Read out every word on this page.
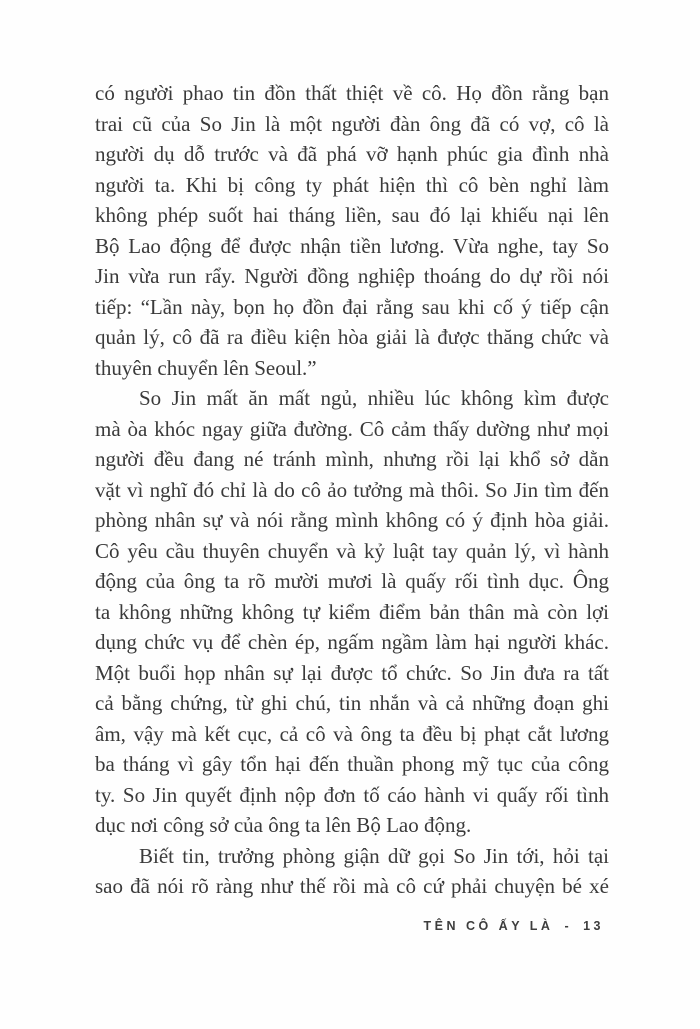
có người phao tin đồn thất thiệt về cô. Họ đồn rằng bạn
trai cũ của So Jin là một người đàn ông đã có vợ, cô là
người dụ dỗ trước và đã phá vỡ hạnh phúc gia đình nhà
người ta. Khi bị công ty phát hiện thì cô bèn nghỉ làm
không phép suốt hai tháng liền, sau đó lại khiếu nại lên
Bộ Lao động để được nhận tiền lương. Vừa nghe, tay So
Jin vừa run rẩy. Người đồng nghiệp thoáng do dự rồi nói
tiếp: “Lần này, bọn họ đồn đại rằng sau khi cố ý tiếp cận
quản lý, cô đã ra điều kiện hòa giải là được thăng chức và
thuyên chuyển lên Seoul.”
So Jin mất ăn mất ngủ, nhiều lúc không kìm được
mà òa khóc ngay giữa đường. Cô cảm thấy dường như mọi
người đều đang né tránh mình, nhưng rồi lại khổ sở dằn
vặt vì nghĩ đó chỉ là do cô ảo tưởng mà thôi. So Jin tìm đến
phòng nhân sự và nói rằng mình không có ý định hòa giải.
Cô yêu cầu thuyên chuyển và kỷ luật tay quản lý, vì hành
động của ông ta rõ mười mươi là quấy rối tình dục. Ông
ta không những không tự kiểm điểm bản thân mà còn lợi
dụng chức vụ để chèn ép, ngấm ngầm làm hại người khác.
Một buổi họp nhân sự lại được tổ chức. So Jin đưa ra tất
cả bằng chứng, từ ghi chú, tin nhắn và cả những đoạn ghi
âm, vậy mà kết cục, cả cô và ông ta đều bị phạt cắt lương
ba tháng vì gây tổn hại đến thuần phong mỹ tục của công
ty. So Jin quyết định nộp đơn tố cáo hành vi quấy rối tình
dục nơi công sở của ông ta lên Bộ Lao động.
Biết tin, trưởng phòng giận dữ gọi So Jin tới, hỏi tại
sao đã nói rõ ràng như thế rồi mà cô cứ phải chuyện bé xé
TÊN CÔ ẤY LÀ - 13
